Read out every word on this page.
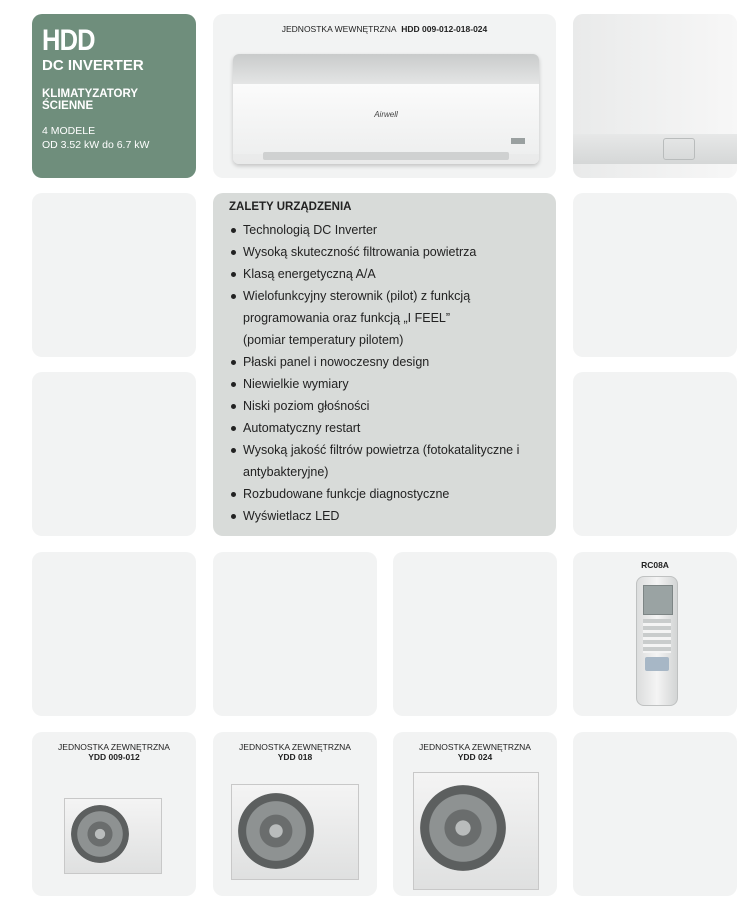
HDD
DC INVERTER
KLIMATYZATORY ŚCIENNE
4 MODELE
OD 3.52 kW do 6.7 kW
JEDNOSTKA WEWNĘTRZNA HDD 009-012-018-024
Airwell
ZALETY URZĄDZENIA
Technologią DC Inverter
Wysoką skuteczność filtrowania powietrza
Klasą energetyczną A/A
Wielofunkcyjny sterownik (pilot) z funkcją programowania oraz funkcją „I FEEL” (pomiar temperatury pilotem)
Płaski panel i nowoczesny design
Niewielkie wymiary
Niski poziom głośności
Automatyczny restart
Wysoką jakość filtrów powietrza (fotokatalityczne i antybakteryjne)
Rozbudowane funkcje diagnostyczne
Wyświetlacz LED
RC08A
JEDNOSTKA ZEWNĘTRZNA
YDD 009-012
JEDNOSTKA ZEWNĘTRZNA
YDD 018
JEDNOSTKA ZEWNĘTRZNA
YDD 024
